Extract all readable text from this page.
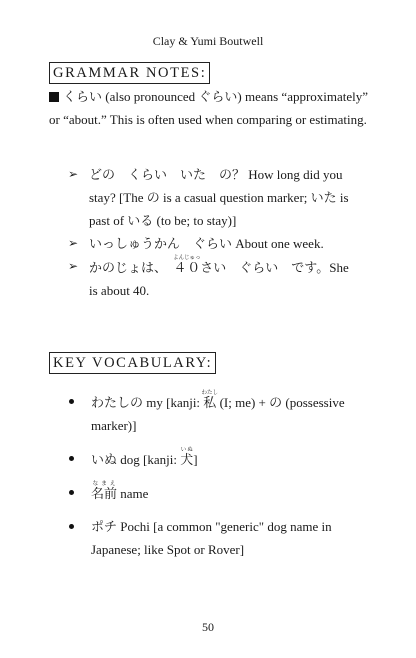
Clay & Yumi Boutwell
GRAMMAR NOTES:
くらい (also pronounced ぐらい) means “approximately” or “about.” This is often used when comparing or estimating.
➢ どの　くらい　いた　の？ How long did you stay? [The の is a casual question marker; いた is past of いる (to be; to stay)]
➢ いっしゅうかん　ぐらい About one week.
➢ かのじょは、　４０よんじゅっさい　ぐらい　です。She is about 40.
KEY VOCABULARY:
わたしの my [kanji: 私わたし (I; me) + の (possessive marker)]
いぬ dog [kanji: 犬いぬ]
名前なまえ name
ポチ Pochi [a common "generic" dog name in Japanese; like Spot or Rover]
50
